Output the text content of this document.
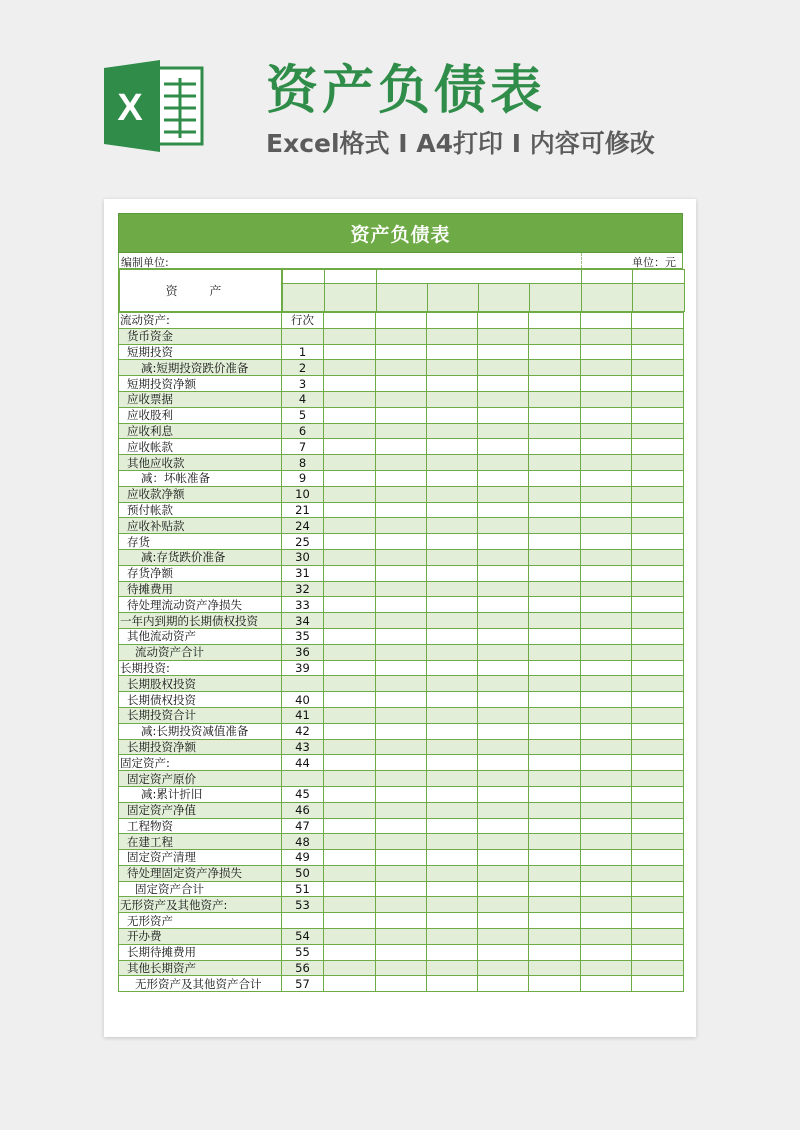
X 资产负债表
Excel格式 Ⅰ A4打印 Ⅰ 内容可修改
资产负债表
编制单位:	单位：元
资 产
流动资产:	行次							
货币资金								
短期投资	1							
减:短期投资跌价准备	2							
短期投资净额	3							
应收票据	4							
应收股利	5							
应收利息	6							
应收帐款	7							
其他应收款	8							
减：坏帐准备	9							
应收款净额	10							
预付帐款	21							
应收补贴款	24							
存货	25							
减:存货跌价准备	30							
存货净额	31							
待摊费用	32							
待处理流动资产净损失	33							
一年内到期的长期债权投资	34							
其他流动资产	35							
流动资产合计	36							
长期投资:	39							
长期股权投资								
长期债权投资	40							
长期投资合计	41							
减:长期投资减值准备	42							
长期投资净额	43							
固定资产:	44							
固定资产原价								
减:累计折旧	45							
固定资产净值	46							
工程物资	47							
在建工程	48							
固定资产清理	49							
待处理固定资产净损失	50							
固定资产合计	51							
无形资产及其他资产:	53							
无形资产								
开办费	54							
长期待摊费用	55							
其他长期资产	56							
无形资产及其他资产合计	57							
